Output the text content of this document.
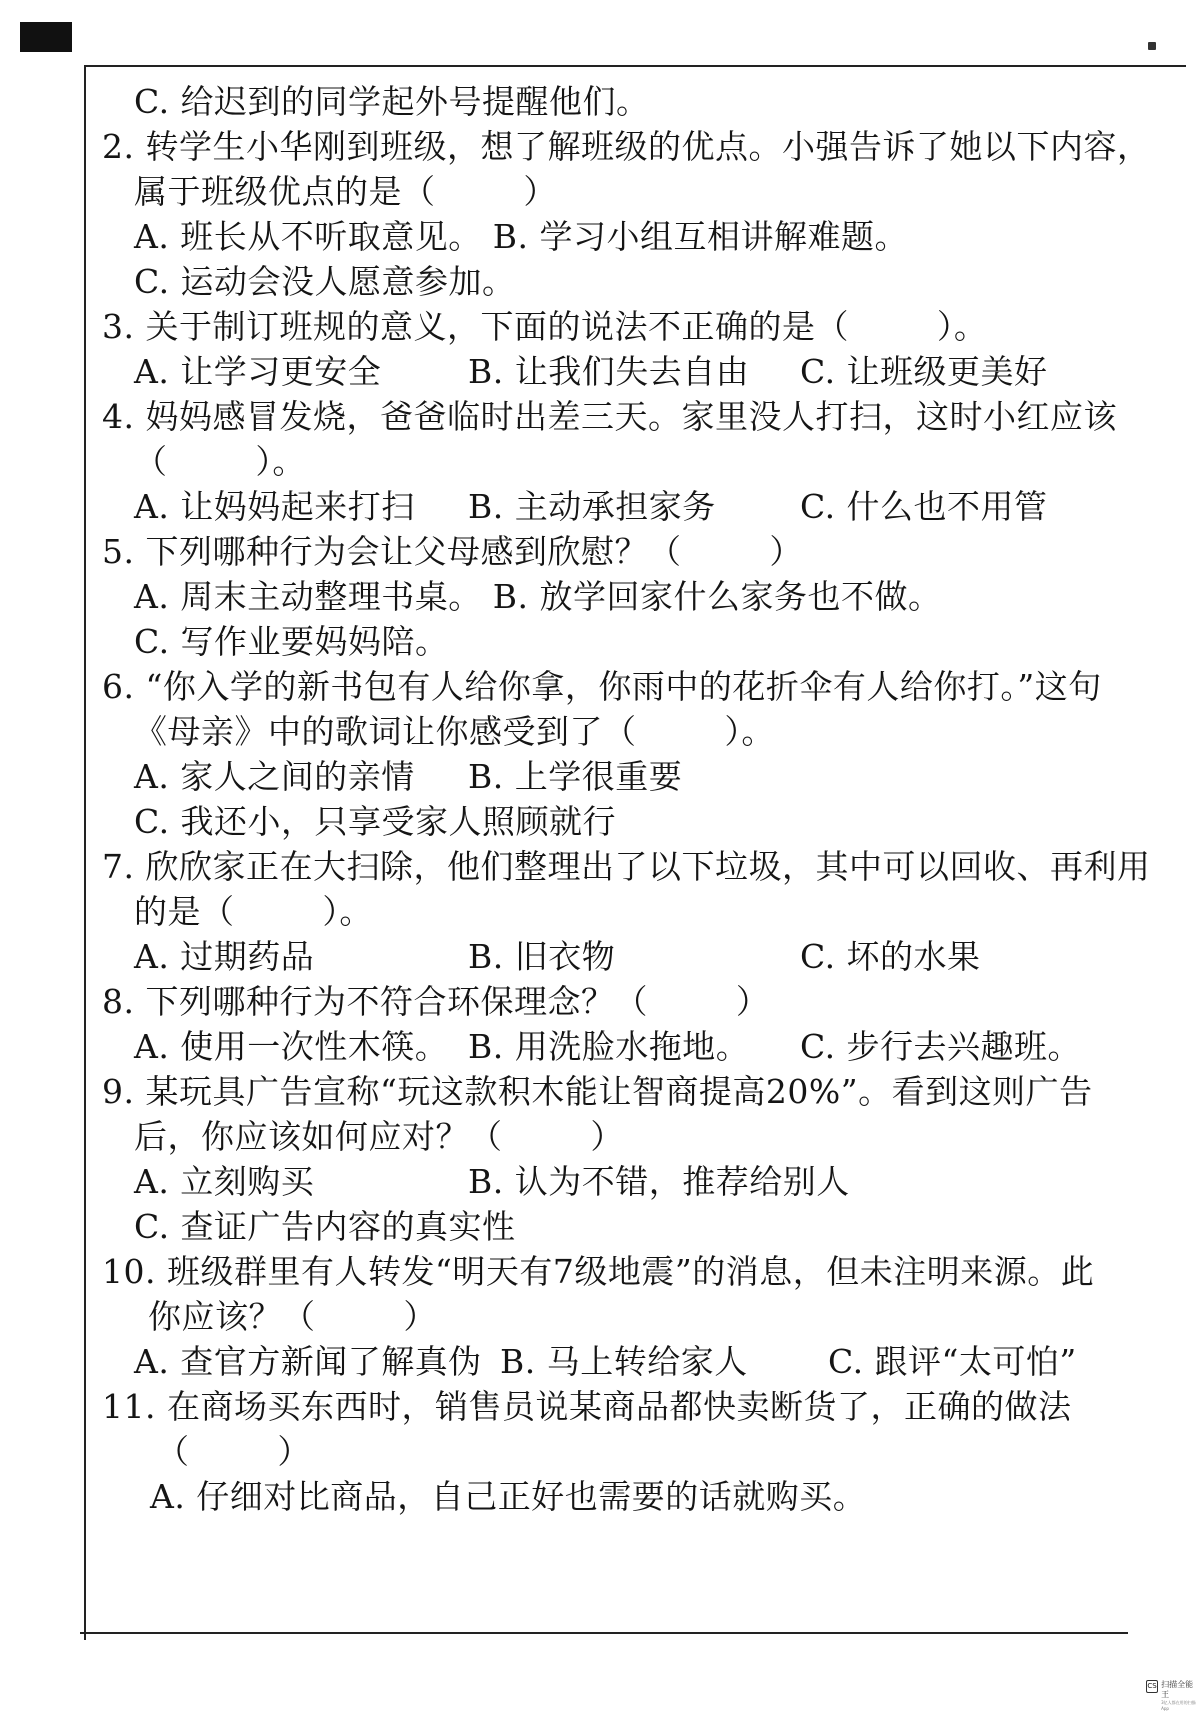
C. 给迟到的同学起外号提醒他们。
2. 转学生小华刚到班级，想了解班级的优点。小强告诉了她以下内容，
属于班级优点的是（        ）
A. 班长从不听取意见。 B. 学习小组互相讲解难题。
C. 运动会没人愿意参加。
3. 关于制订班规的意义，下面的说法不正确的是（        ）。
A. 让学习更安全	B. 让我们失去自由 C. 让班级更美好
4. 妈妈感冒发烧，爸爸临时出差三天。家里没人打扫，这时小红应该
（        ）。
A. 让妈妈起来打扫 B. 主动承担家务	C. 什么也不用管
5. 下列哪种行为会让父母感到欣慰？（        ）
A. 周末主动整理书桌。 B. 放学回家什么家务也不做。
C. 写作业要妈妈陪。
6. “你入学的新书包有人给你拿，你雨中的花折伞有人给你打。”这句
《母亲》中的歌词让你感受到了（        ）。
A. 家人之间的亲情 B. 上学很重要
C. 我还小，只享受家人照顾就行
7. 欣欣家正在大扫除，他们整理出了以下垃圾，其中可以回收、再利用
的是（        ）。
A. 过期药品	B. 旧衣物	C. 坏的水果
8. 下列哪种行为不符合环保理念？（        ）
A. 使用一次性木筷。 B. 用洗脸水拖地。 C. 步行去兴趣班。
9. 某玩具广告宣称“玩这款积木能让智商提高20%”。看到这则广告
后，你应该如何应对？（        ）
A. 立刻购买	B. 认为不错，推荐给别人
C. 查证广告内容的真实性
10. 班级群里有人转发“明天有7级地震”的消息，但未注明来源。此
你应该？（        ）
A. 查官方新闻了解真伪 B. 马上转给家人 C. 跟评“太可怕”
11. 在商场买东西时，销售员说某商品都快卖断货了，正确的做法
（        ）
A. 仔细对比商品，自己正好也需要的话就购买。
CS 扫描全能王
3亿人都在用的扫描App
